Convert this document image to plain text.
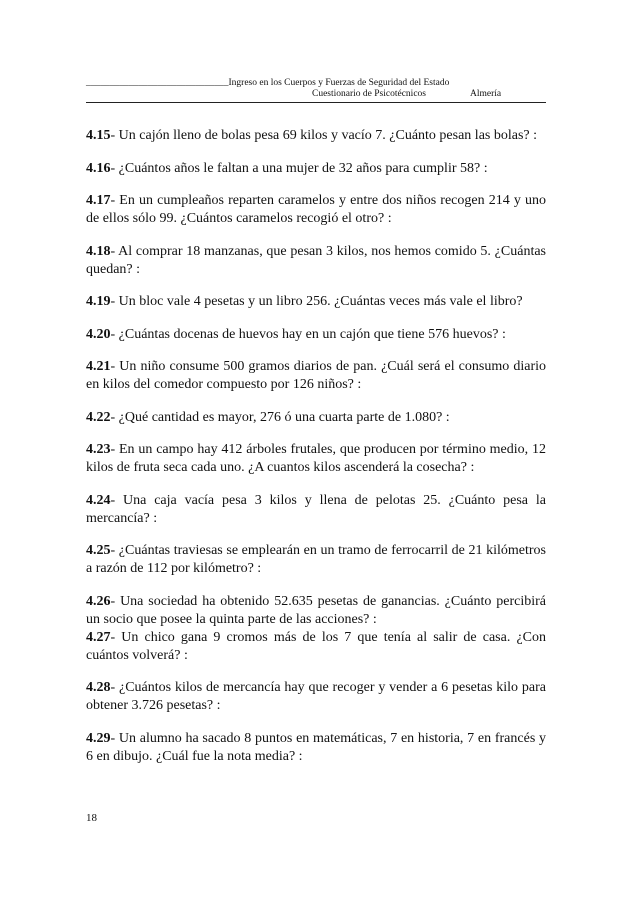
______________________________Ingreso en los Cuerpos y Fuerzas de Seguridad del Estado
Cuestionario de Psicotécnicos	Almería

4.15- Un cajón lleno de bolas pesa 69 kilos y vacío 7. ¿Cuánto pesan las bolas? :

4.16- ¿Cuántos años le faltan a una mujer de 32 años para cumplir 58? :

4.17- En un cumpleaños reparten caramelos y entre dos niños recogen 214 y uno de ellos sólo 99. ¿Cuántos caramelos recogió el otro? :

4.18- Al comprar 18 manzanas, que pesan 3 kilos, nos hemos comido 5. ¿Cuántas quedan? :

4.19- Un bloc vale 4 pesetas y un libro 256. ¿Cuántas veces más vale el libro?

4.20- ¿Cuántas docenas de huevos hay en un cajón que tiene 576 huevos? :

4.21- Un niño consume 500 gramos diarios de pan. ¿Cuál será el consumo diario en kilos del comedor compuesto por 126 niños? :

4.22- ¿Qué cantidad es mayor, 276 ó una cuarta parte de 1.080? :

4.23- En un campo hay 412 árboles frutales, que producen por término medio, 12 kilos de fruta seca cada uno. ¿A cuantos kilos ascenderá la cosecha? :

4.24- Una caja vacía pesa 3 kilos y llena de pelotas 25. ¿Cuánto pesa la mercancía? :

4.25- ¿Cuántas traviesas se emplearán en un tramo de ferrocarril de 21 kilómetros a razón de 112 por kilómetro? :

4.26- Una sociedad ha obtenido 52.635 pesetas de ganancias. ¿Cuánto percibirá un socio que posee la quinta parte de las acciones? :

4.27- Un chico gana 9 cromos más de los 7 que tenía al salir de casa. ¿Con cuántos volverá? :

4.28- ¿Cuántos kilos de mercancía hay que recoger y vender a 6 pesetas kilo para obtener 3.726 pesetas? :

4.29- Un alumno ha sacado 8 puntos en matemáticas, 7 en historia, 7 en francés y 6 en dibujo. ¿Cuál fue la nota media? :

18
